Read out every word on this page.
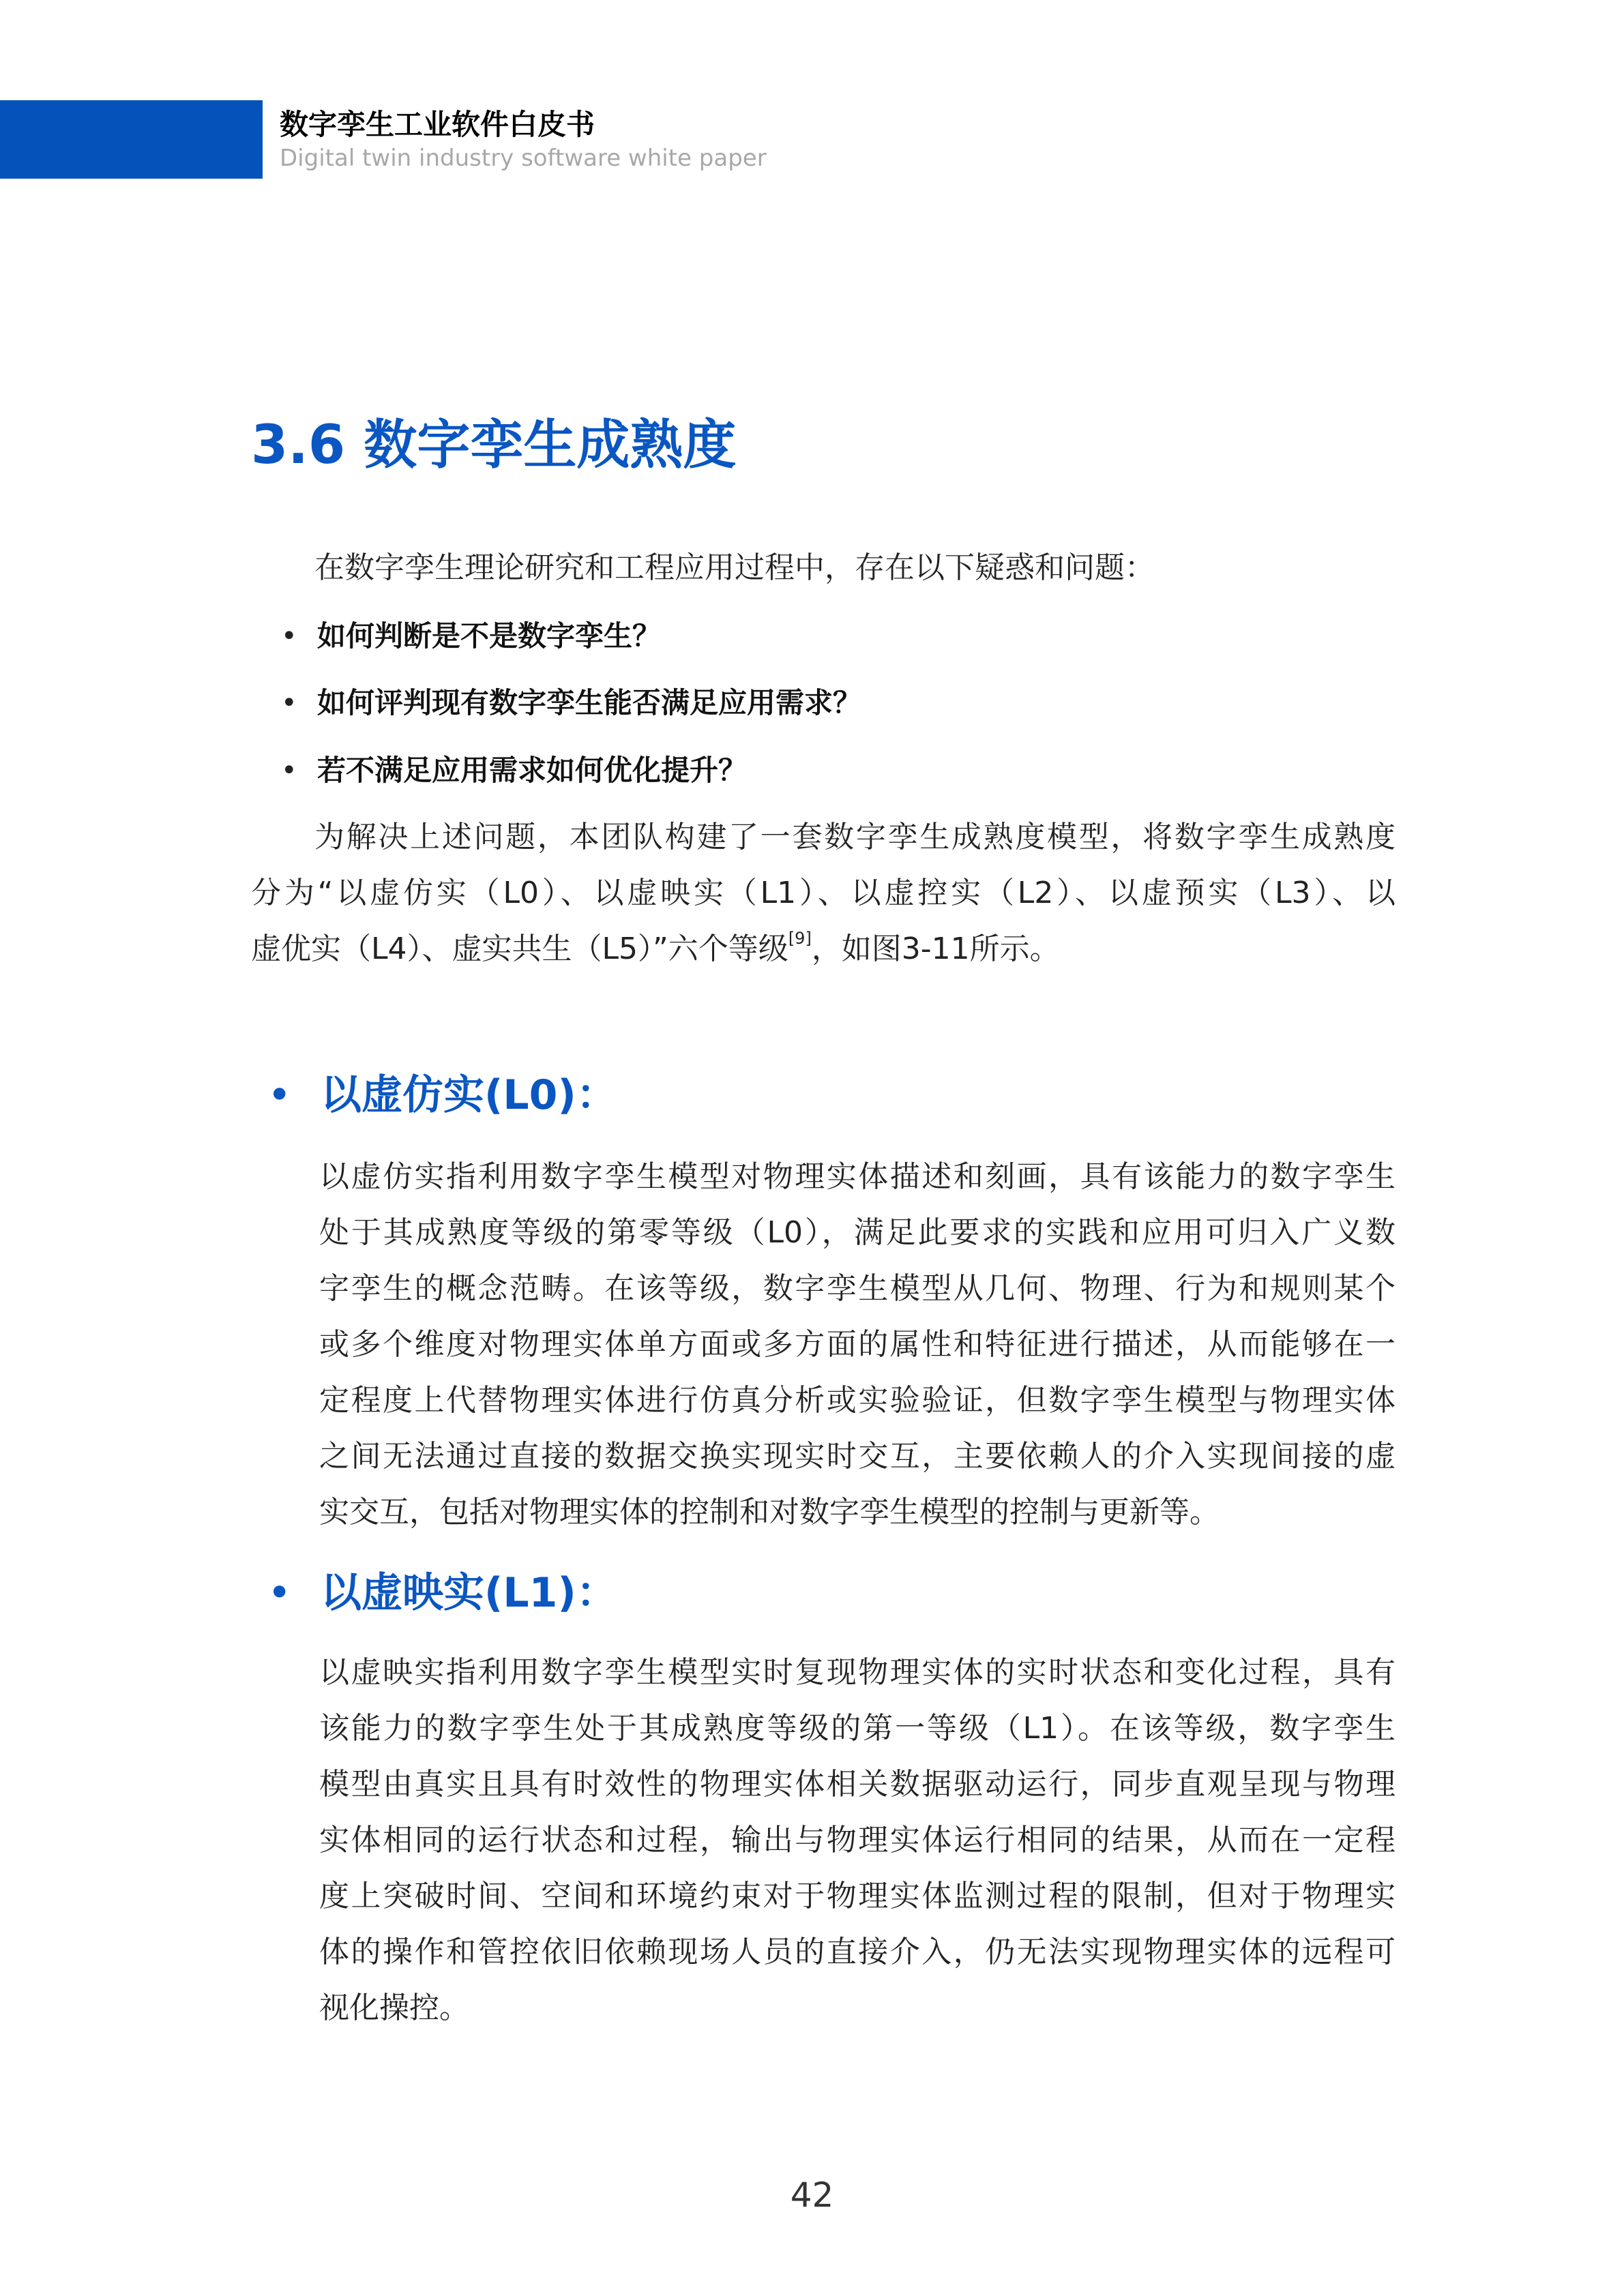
数字孪生工业软件白皮书
Digital twin industry software white paper
3.6 数字孪生成熟度
在数字孪生理论研究和工程应用过程中，存在以下疑惑和问题：
• 如何判断是不是数字孪生？
• 如何评判现有数字孪生能否满足应用需求？
• 若不满足应用需求如何优化提升？
为解决上述问题，本团队构建了一套数字孪生成熟度模型，将数字孪生成熟度
分为“以虚仿实（L0）、以虚映实（L1）、以虚控实（L2）、以虚预实（L3）、以
虚优实（L4）、虚实共生（L5）”六个等级[9]，如图3-11所示。
• 以虚仿实(L0)：
以虚仿实指利用数字孪生模型对物理实体描述和刻画，具有该能力的数字孪生
处于其成熟度等级的第零等级（L0），满足此要求的实践和应用可归入广义数
字孪生的概念范畴。在该等级，数字孪生模型从几何、物理、行为和规则某个
或多个维度对物理实体单方面或多方面的属性和特征进行描述，从而能够在一
定程度上代替物理实体进行仿真分析或实验验证，但数字孪生模型与物理实体
之间无法通过直接的数据交换实现实时交互，主要依赖人的介入实现间接的虚
实交互，包括对物理实体的控制和对数字孪生模型的控制与更新等。
• 以虚映实(L1)：
以虚映实指利用数字孪生模型实时复现物理实体的实时状态和变化过程，具有
该能力的数字孪生处于其成熟度等级的第一等级（L1）。在该等级，数字孪生
模型由真实且具有时效性的物理实体相关数据驱动运行，同步直观呈现与物理
实体相同的运行状态和过程，输出与物理实体运行相同的结果，从而在一定程
度上突破时间、空间和环境约束对于物理实体监测过程的限制，但对于物理实
体的操作和管控依旧依赖现场人员的直接介入，仍无法实现物理实体的远程可
视化操控。
42
